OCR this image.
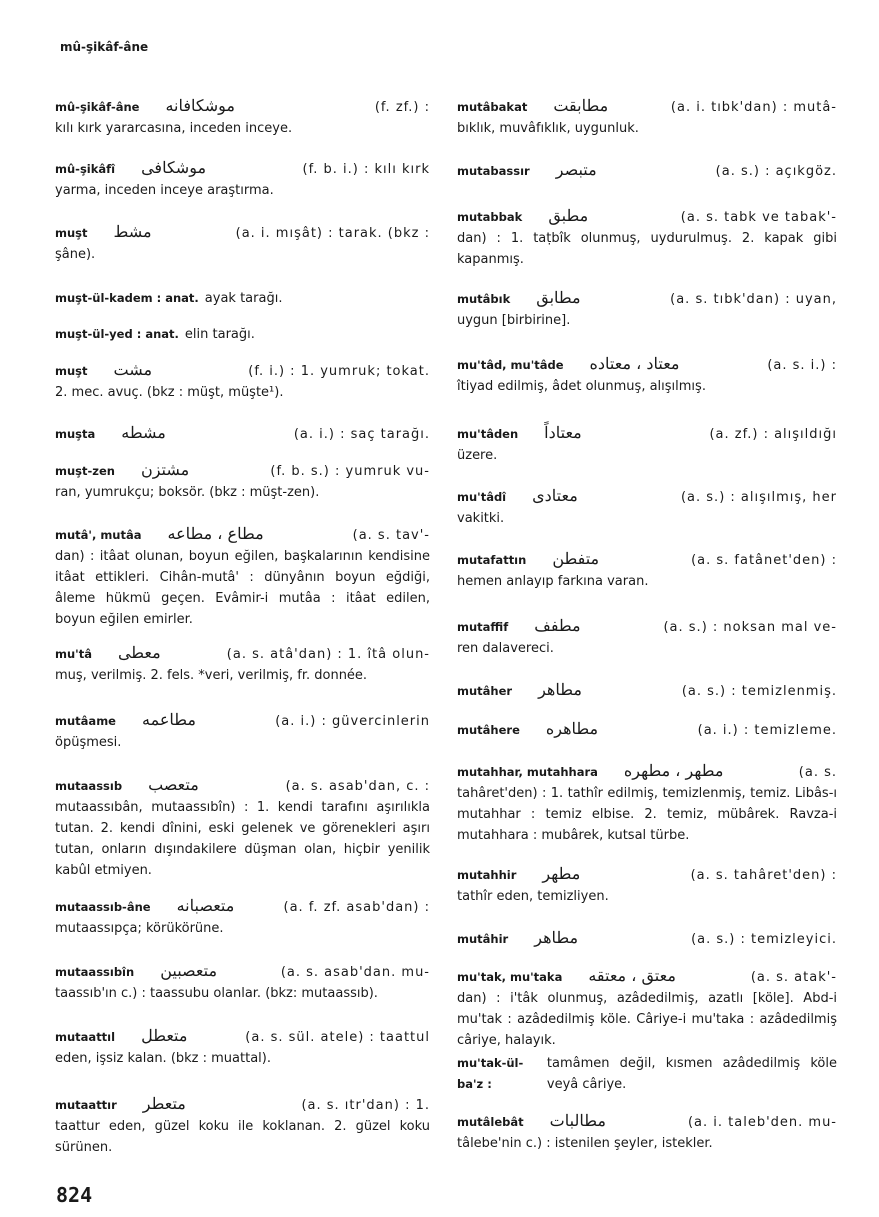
mû-şikâf-âne
mû-şikâf-âne موشكافانه	(f. zf.) :
kılı kırk yararcasına, inceden inceye.
mû-şikâfî موشكافى	(f. b. i.) : kılı kırk
yarma, inceden inceye araştırma.
muşt مشط	(a. i. mışât) : tarak. (bkz :
şâne).
muşt-ül-kadem : anat. ayak tarağı.
muşt-ül-yed : anat. elin tarağı.
muşt مشت	(f. i.) : 1. yumruk; tokat.
2. mec. avuç. (bkz : müşt, müşte¹).
muşta مشطه	(a. i.) : saç tarağı.
muşt-zen مشتزن	(f. b. s.) : yumruk vu-
ran, yumrukçu; boksör. (bkz : müşt-zen).
mutâ', mutâa مطاع ، مطاعه	(a. s. tav'-
dan) : itâat olunan, boyun eğilen, başkalarının kendisine itâat ettikleri. Cihân-mutâ' : dünyânın boyun eğdiği, âleme hükmü geçen. Evâmir-i mutâa : itâat edilen, boyun eğilen emirler.
mu'tâ معطى	(a. s. atâ'dan) : 1. îtâ olun-
muş, verilmiş. 2. fels. *veri, verilmiş, fr. donnée.
mutâame مطاعمه	(a. i.) : güvercinlerin
öpüşmesi.
mutaassıb متعصب	(a. s. asab'dan, c. :
mutaassıbân, mutaassıbîn) : 1. kendi tarafını aşırılıkla tutan. 2. kendi dînini, eski gelenek ve görenekleri aşırı tutan, onların dışındakilere düşman olan, hiçbir yenilik kabûl etmiyen.
mutaassıb-âne متعصبانه	(a. f. zf. asab'dan) :
mutaassıpça; körükörüne.
mutaassıbîn متعصبين	(a. s. asab'dan. mu-
taassıb'ın c.) : taassubu olanlar. (bkz: mutaassıb).
mutaattıl متعطل	(a. s. sül. atele) : taattul
eden, işsiz kalan. (bkz : muattal).
mutaattır متعطر	(a. s. ıtr'dan) : 1.
taattur eden, güzel koku ile koklanan. 2. güzel koku sürünen.
mutâbakat مطابقت	(a. i. tıbk'dan) : mutâ-
bıklık, muvâfıklık, uygunluk.
mutabassır متبصر	(a. s.) : açıkgöz.
mutabbak مطبق	(a. s. tabk ve tabak'-
dan) : 1. taṭbîk olunmuş, uydurulmuş. 2. kapak gibi kapanmış.
mutâbık مطابق	(a. s. tıbk'dan) : uyan,
uygun [birbirine].
mu'tâd, mu'tâde معتاد ، معتاده	(a. s. i.) :
îtiyad edilmiş, âdet olunmuş, alışılmış.
mu'tâden معتاداً	(a. zf.) : alışıldığı
üzere.
mu'tâdî معتادى	(a. s.) : alışılmış, her
vakitki.
mutafattın متفطن	(a. s. fatânet'den) :
hemen anlayıp farkına varan.
mutaffif مطفف	(a. s.) : noksan mal ve-
ren dalavereci.
mutâher مطاهر	(a. s.) : temizlenmiş.
mutâhere مطاهره	(a. i.) : temizleme.
mutahhar, mutahhara مطهر ، مطهره	(a. s.
tahâret'den) : 1. tathîr edilmiş, temizlenmiş, temiz. Libâs-ı mutahhar : temiz elbise. 2. temiz, mübârek. Ravza-i mutahhara : mubârek, kutsal türbe.
mutahhir مطهر	(a. s. tahâret'den) :
tathîr eden, temizliyen.
mutâhir مطاهر	(a. s.) : temizleyici.
mu'tak, mu'taka معتق ، معتقه	(a. s. atak'-
dan) : i'tâk olunmuş, azâdedilmiş, azatlı [köle]. Abd-i mu'tak : azâdedilmiş köle. Câriye-i mu'taka : azâdedilmiş câriye, halayık.
mu'tak-ül-ba'z :
tamâmen değil, kısmen azâdedilmiş köle veyâ câriye.
mutâlebât مطالبات	(a. i. taleb'den. mu-
tâlebe'nin c.) : istenilen şeyler, istekler.
824
